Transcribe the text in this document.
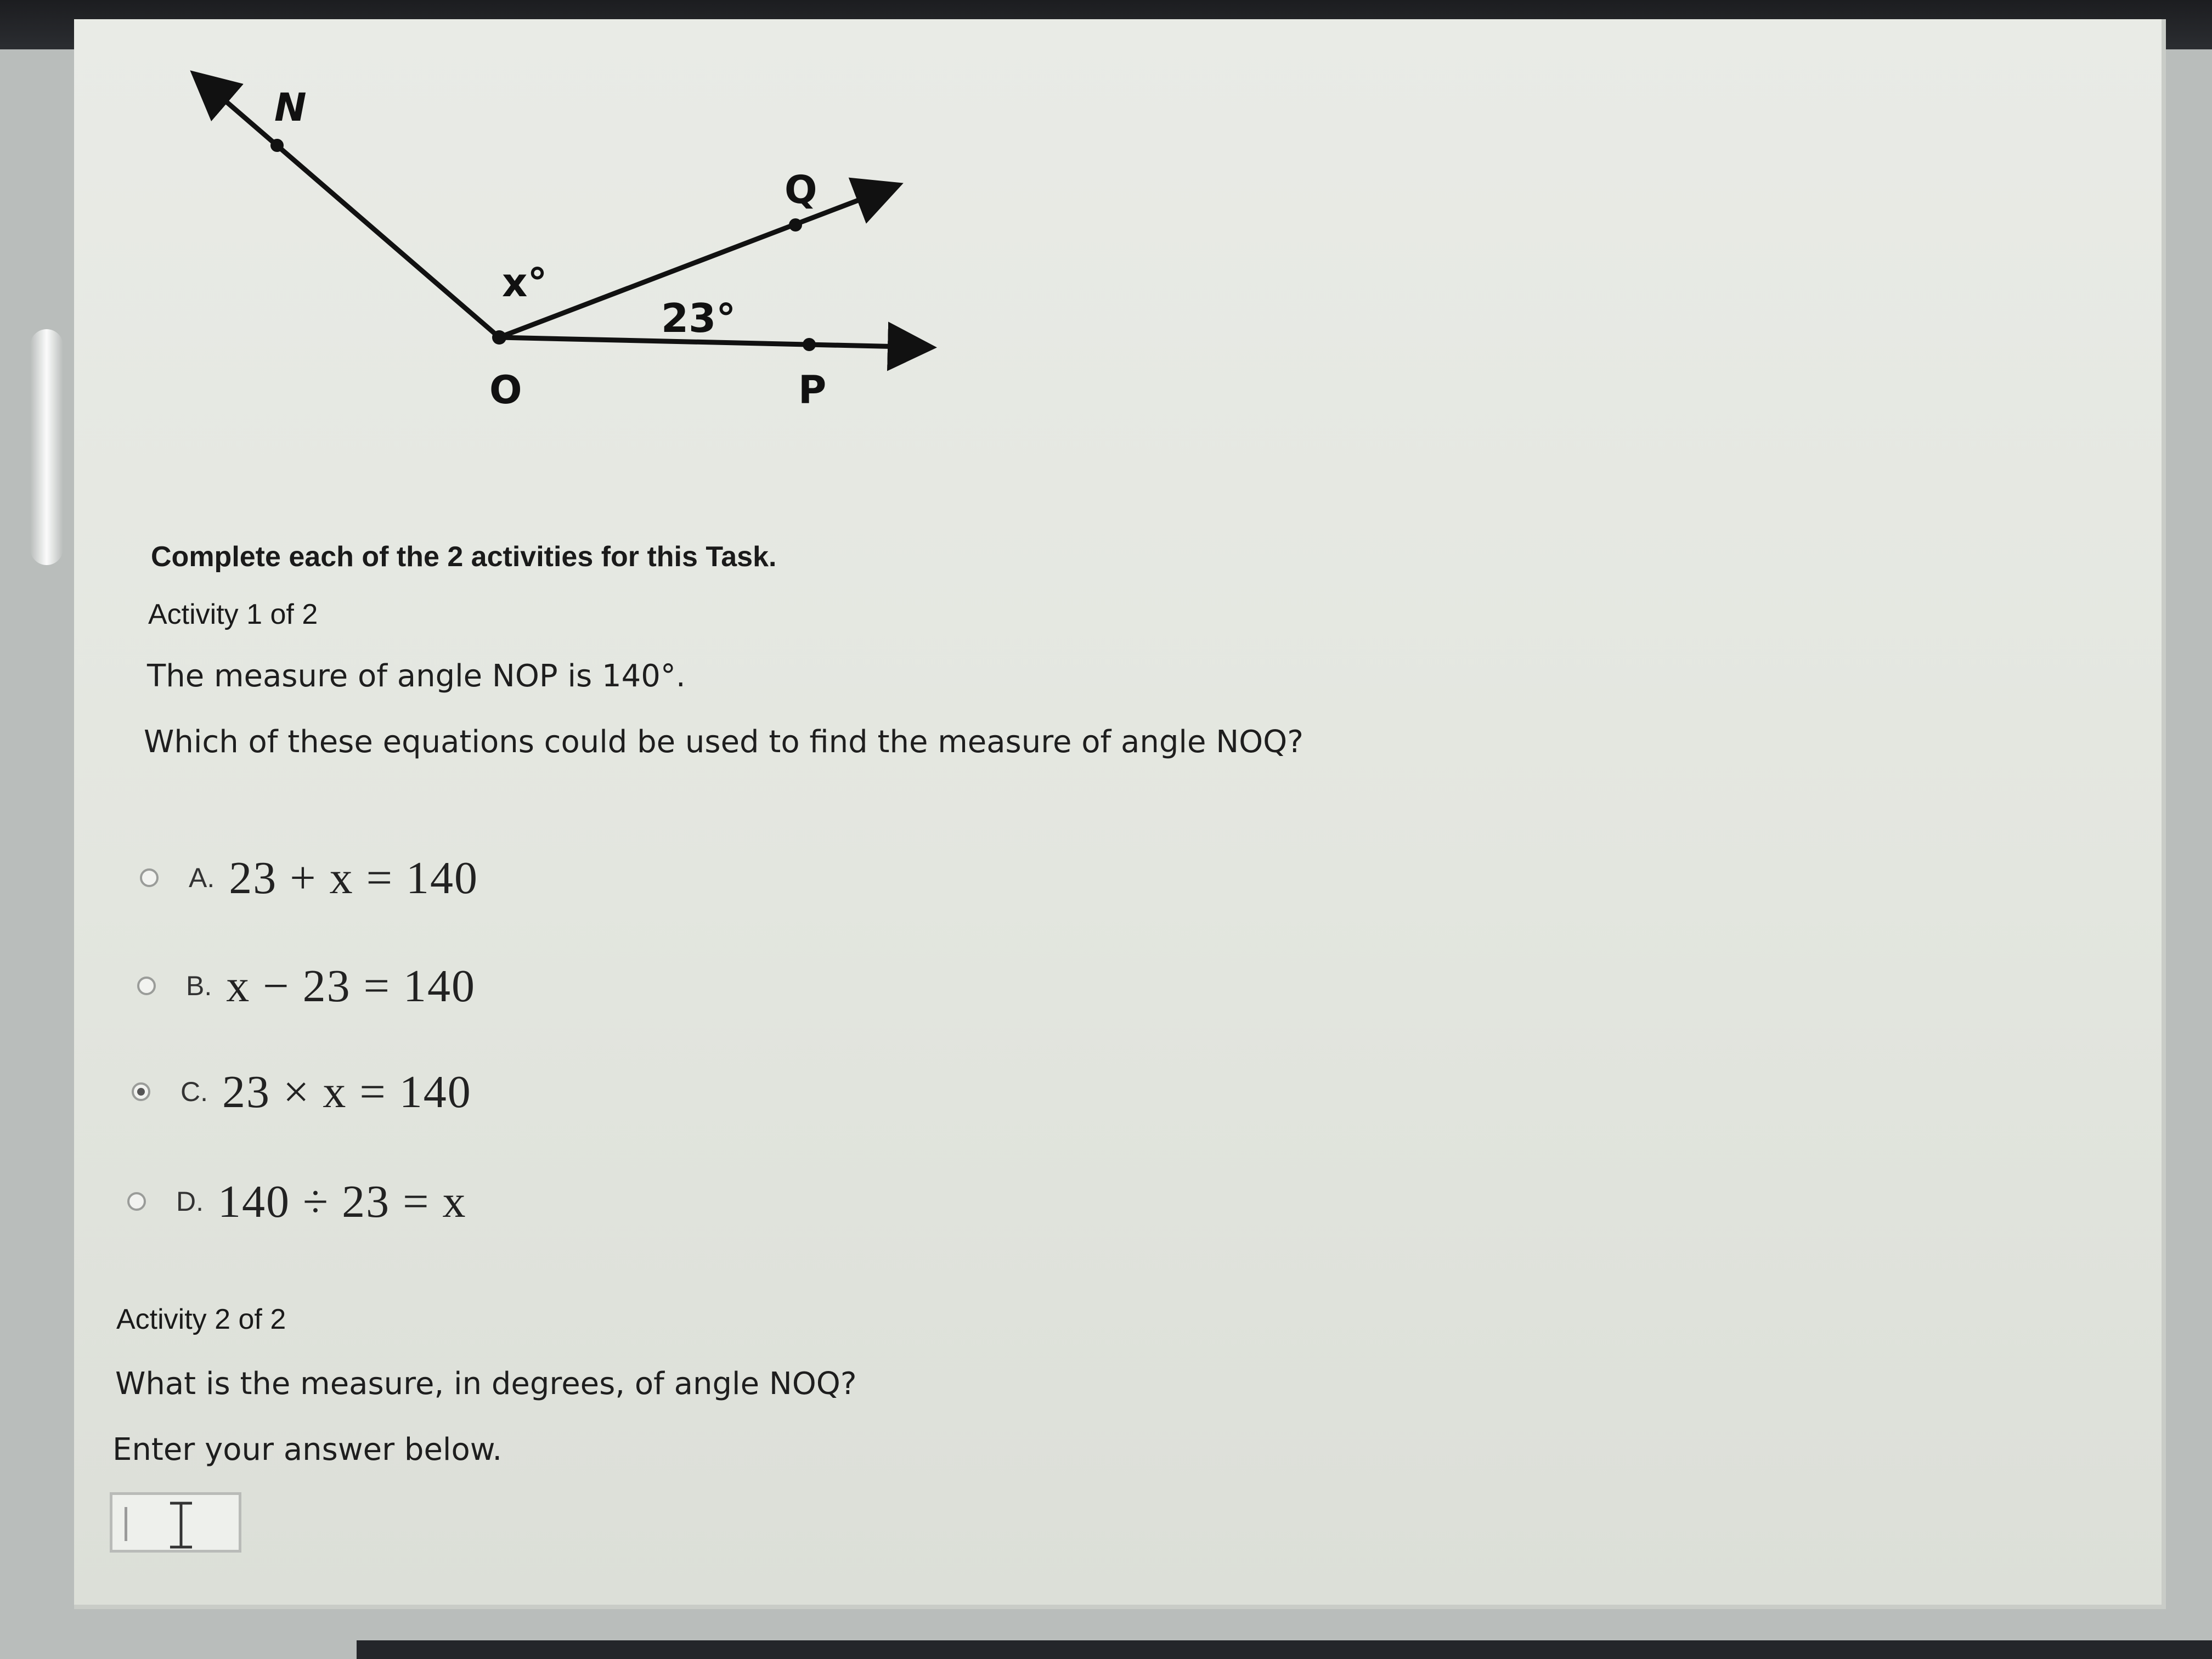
N
O
Q
P
x°
23°
Complete each of the 2 activities for this Task.
Activity 1 of 2
The measure of angle NOP is 140°.
Which of these equations could be used to find the measure of angle NOQ?
A. 23 + x = 140
B. x − 23 = 140
C. 23 × x = 140
D. 140 ÷ 23 = x
Activity 2 of 2
What is the measure, in degrees, of angle NOQ?
Enter your answer below.
